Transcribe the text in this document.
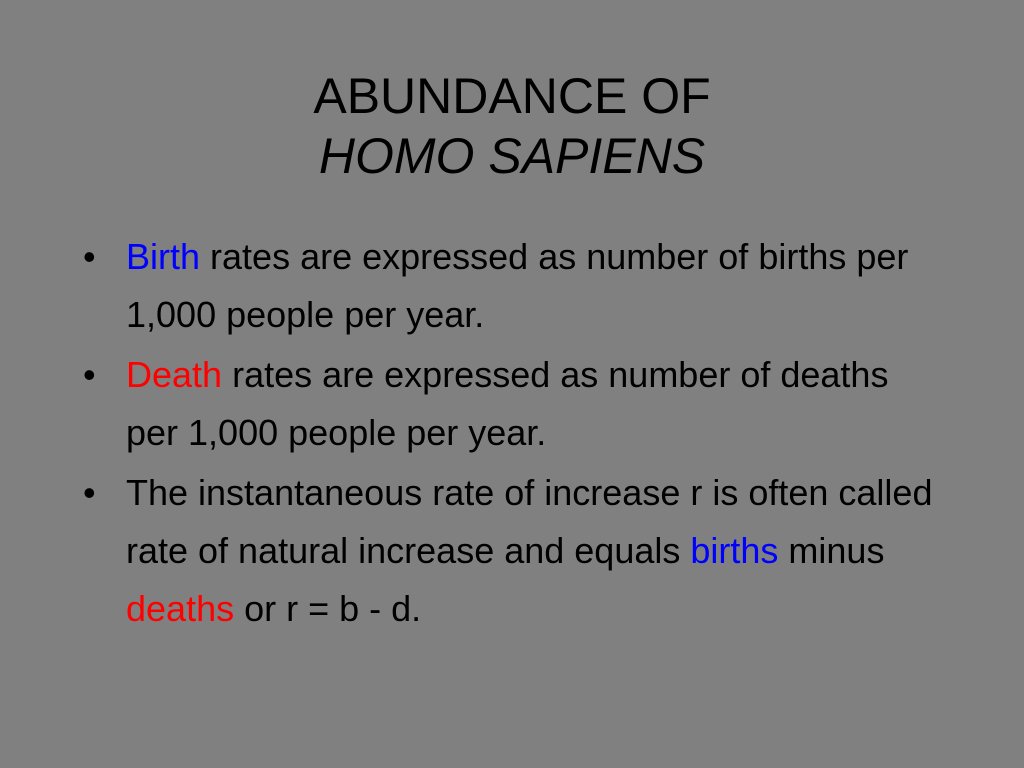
ABUNDANCE OF
HOMO SAPIENS
• Birth rates are expressed as number of births per 1,000 people per year.
• Death rates are expressed as number of deaths per 1,000 people per year.
• The instantaneous rate of increase r is often called rate of natural increase and equals births minus deaths or r = b - d.
